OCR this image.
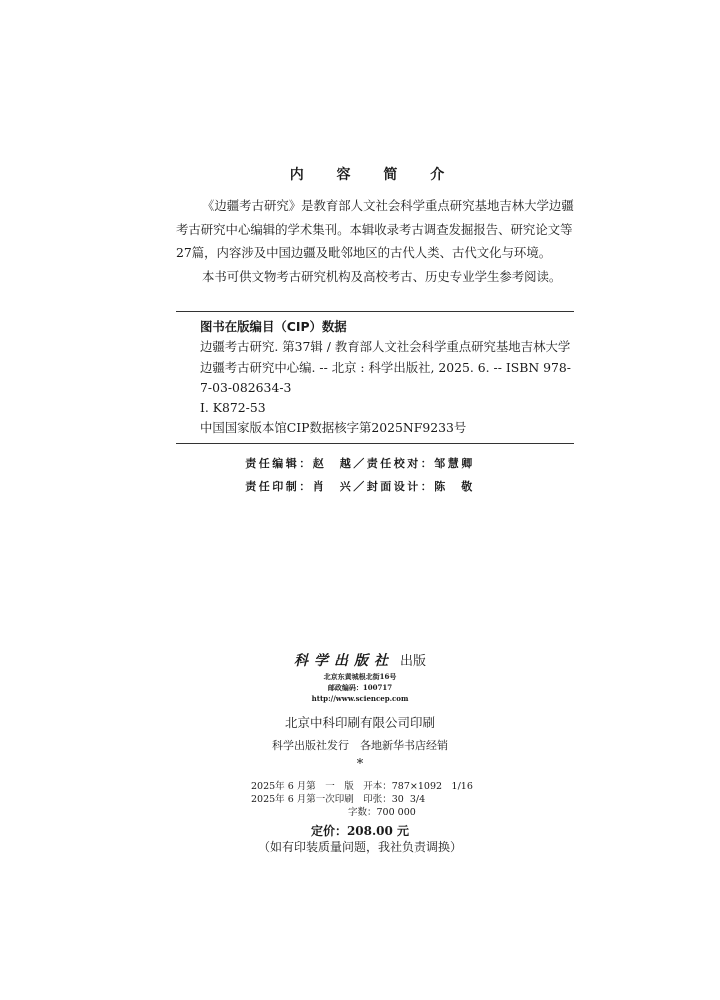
内 容 简 介

《边疆考古研究》是教育部人文社会科学重点研究基地吉林大学边疆考古研究中心编辑的学术集刊。本辑收录考古调查发掘报告、研究论文等27篇，内容涉及中国边疆及毗邻地区的古代人类、古代文化与环境。

本书可供文物考古研究机构及高校考古、历史专业学生参考阅读。

图书在版编目（CIP）数据
边疆考古研究. 第37辑 / 教育部人文社会科学重点研究基地吉林大学边疆考古研究中心编. -- 北京 : 科学出版社, 2025. 6. -- ISBN 978-7-03-082634-3
Ⅰ. K872-53
中国国家版本馆CIP数据核字第2025NF9233号
责任编辑：赵　越／责任校对：邹慧卿
责任印制：肖　兴／封面设计：陈　敬
科学出版社 出版
北京东黄城根北街16号
邮政编码：100717
http://www.sciencep.com
北京中科印刷有限公司印刷
科学出版社发行　各地新华书店经销
*
2025年 6 月第　一　版　开本：787×1092　1/16
2025年 6 月第一次印刷　印张：30  3/4
字数：700 000
定价：208.00 元
（如有印装质量问题，我社负责调换）
